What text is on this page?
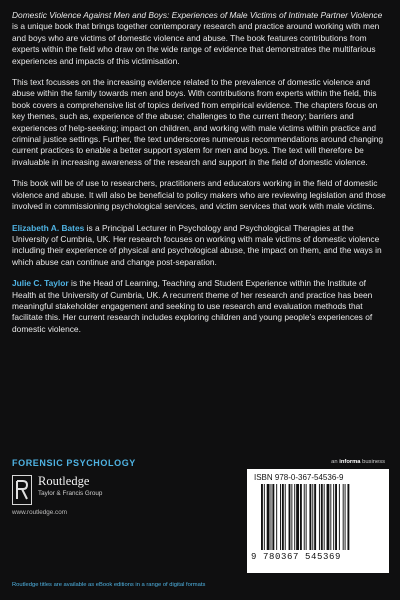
Domestic Violence Against Men and Boys: Experiences of Male Victims of Intimate Partner Violence is a unique book that brings together contemporary research and practice around working with men and boys who are victims of domestic violence and abuse. The book features contributions from experts within the field who draw on the wide range of evidence that demonstrates the multifarious experiences and impacts of this victimisation.

This text focusses on the increasing evidence related to the prevalence of domestic violence and abuse within the family towards men and boys. With contributions from experts within the field, this book covers a comprehensive list of topics derived from empirical evidence. The chapters focus on key themes, such as, experience of the abuse; challenges to the current theory; barriers and experiences of help-seeking; impact on children, and working with male victims within practice and criminal justice settings. Further, the text underscores numerous recommendations around changing current practices to enable a better support system for men and boys. The text will therefore be invaluable in increasing awareness of the research and support in the field of domestic violence.

This book will be of use to researchers, practitioners and educators working in the field of domestic violence and abuse. It will also be beneficial to policy makers who are reviewing legislation and those involved in commissioning psychological services, and victim services that work with male victims.

Elizabeth A. Bates is a Principal Lecturer in Psychology and Psychological Therapies at the University of Cumbria, UK. Her research focuses on working with male victims of domestic violence including their experience of physical and psychological abuse, the impact on them, and the ways in which abuse can continue and change post-separation.

Julie C. Taylor is the Head of Learning, Teaching and Student Experience within the Institute of Health at the University of Cumbria, UK. A recurrent theme of her research and practice has been meaningful stakeholder engagement and seeking to use research and evaluation methods that facilitate this. Her current research includes exploring children and young people’s experiences of domestic violence.

FORENSIC PSYCHOLOGY
Routledge
Taylor & Francis Group
www.routledge.com
Routledge titles are available as eBook editions in a range of digital formats
an informa business
ISBN 978-0-367-54536-9
9 780367 545369
